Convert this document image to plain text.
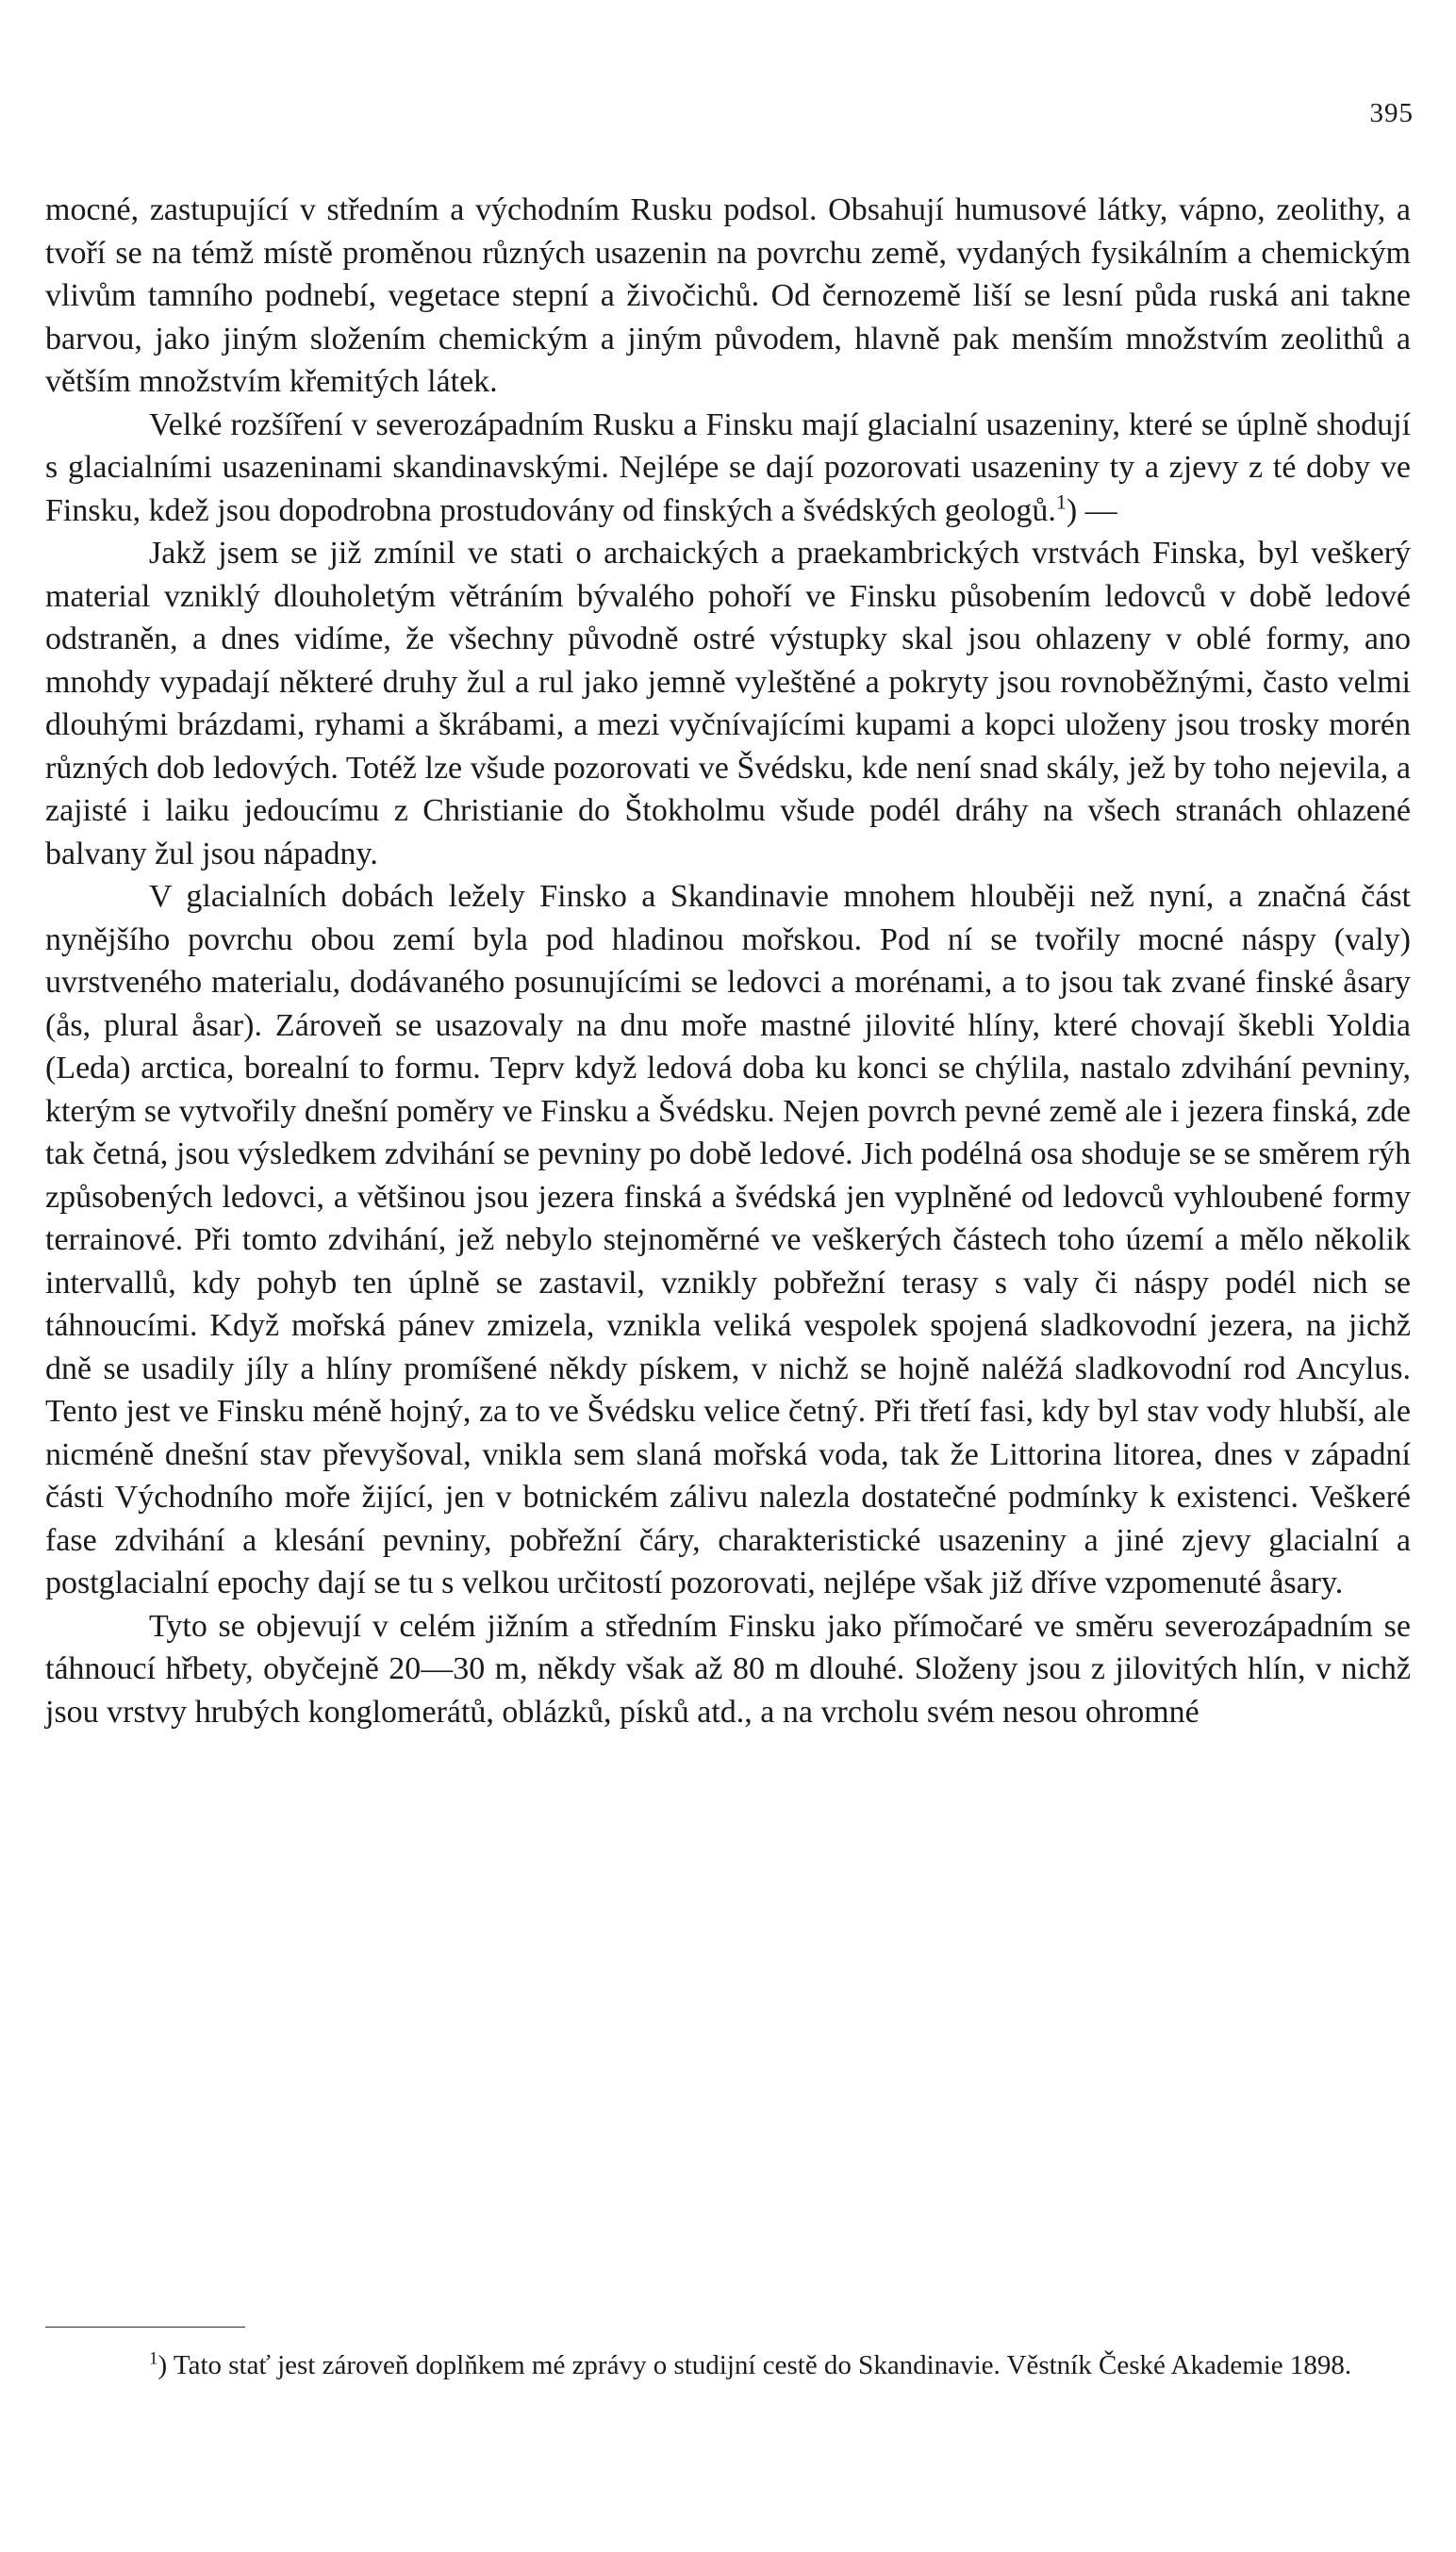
395

mocné, zastupující v středním a východním Rusku podsol. Obsahují humusové látky, vápno, zeolithy, a tvoří se na témž místě proměnou různých usazenin na povrchu země, vydaných fysikálním a chemickým vlivům tamního podnebí, vegetace stepní a živočichů. Od černozemě liší se lesní půda ruská ani takne barvou, jako jiným složením chemickým a jiným původem, hlavně pak menším množstvím zeolithů a větším množstvím křemitých látek.

Velké rozšíření v severozápadním Rusku a Finsku mají glacialní usazeniny, které se úplně shodují s glacialními usazeninami skandinavskými. Nejlépe se dají pozorovati usazeniny ty a zjevy z té doby ve Finsku, kdež jsou dopodrobna prostudovány od finských a švédských geologů.$^1$) —

Jakž jsem se již zmínil ve stati o archaických a praekambrických vrstvách Finska, byl veškerý material vzniklý dlouholetým větráním bývalého pohoří ve Finsku působením ledovců v době ledové odstraněn, a dnes vidíme, že všechny původně ostré výstupky skal jsou ohlazeny v oblé formy, ano mnohdy vypadají některé druhy žul a rul jako jemně vyleštěné a pokryty jsou rovnoběžnými, často velmi dlouhými brázdami, ryhami a škrábami, a mezi vyčnívajícími kupami a kopci uloženy jsou trosky morén různých dob ledových. Totéž lze všude pozorovati ve Švédsku, kde není snad skály, jež by toho nejevila, a zajisté i laiku jedoucímu z Christianie do Štokholmu všude podél dráhy na všech stranách ohlazené balvany žul jsou nápadny.

V glacialních dobách ležely Finsko a Skandinavie mnohem hlouběji než nyní, a značná část nynějšího povrchu obou zemí byla pod hladinou mořskou. Pod ní se tvořily mocné náspy (valy) uvrstveného materialu, dodávaného posunujícími se ledovci a morénami, a to jsou tak zvané finské åsary (ås, plural åsar). Zároveň se usazovaly na dnu moře mastné jilovité hlíny, které chovají škebli Yoldia (Leda) arctica, borealní to formu. Teprv když ledová doba ku konci se chýlila, nastalo zdvihání pevniny, kterým se vytvořily dnešní poměry ve Finsku a Švédsku. Nejen povrch pevné země ale i jezera finská, zde tak četná, jsou výsledkem zdvihání se pevniny po době ledové. Jich podélná osa shoduje se se směrem rýh způsobených ledovci, a většinou jsou jezera finská a švédská jen vyplněné od ledovců vyhloubené formy terrainové. Při tomto zdvihání, jež nebylo stejnoměrné ve veškerých částech toho území a mělo několik intervallů, kdy pohyb ten úplně se zastavil, vznikly pobřežní terasy s valy či náspy podél nich se táhnoucími. Když mořská pánev zmizela, vznikla veliká vespolek spojená sladkovodní jezera, na jichž dně se usadily jíly a hlíny promíšené někdy pískem, v nichž se hojně naléžá sladkovodní rod Ancylus. Tento jest ve Finsku méně hojný, za to ve Švédsku velice četný. Při třetí fasi, kdy byl stav vody hlubší, ale nicméně dnešní stav převyšoval, vnikla sem slaná mořská voda, tak že Littorina litorea, dnes v západní části Východního moře žijící, jen v botnickém zálivu nalezla dostatečné podmínky k existenci. Veškeré fase zdvihání a klesání pevniny, pobřežní čáry, charakteristické usazeniny a jiné zjevy glacialní a postglacialní epochy dají se tu s velkou určitostí pozorovati, nejlépe však již dříve vzpomenuté åsary.

Tyto se objevují v celém jižním a středním Finsku jako přímočaré ve směru severozápadním se táhnoucí hřbety, obyčejně 20—30 m, někdy však až 80 m dlouhé. Složeny jsou z jilovitých hlín, v nichž jsou vrstvy hrubých konglomerátů, oblázků, písků atd., a na vrcholu svém nesou ohromné

$^1$) Tato stať jest zároveň doplňkem mé zprávy o studijní cestě do Skandinavie. Věstník České Akademie 1898.
